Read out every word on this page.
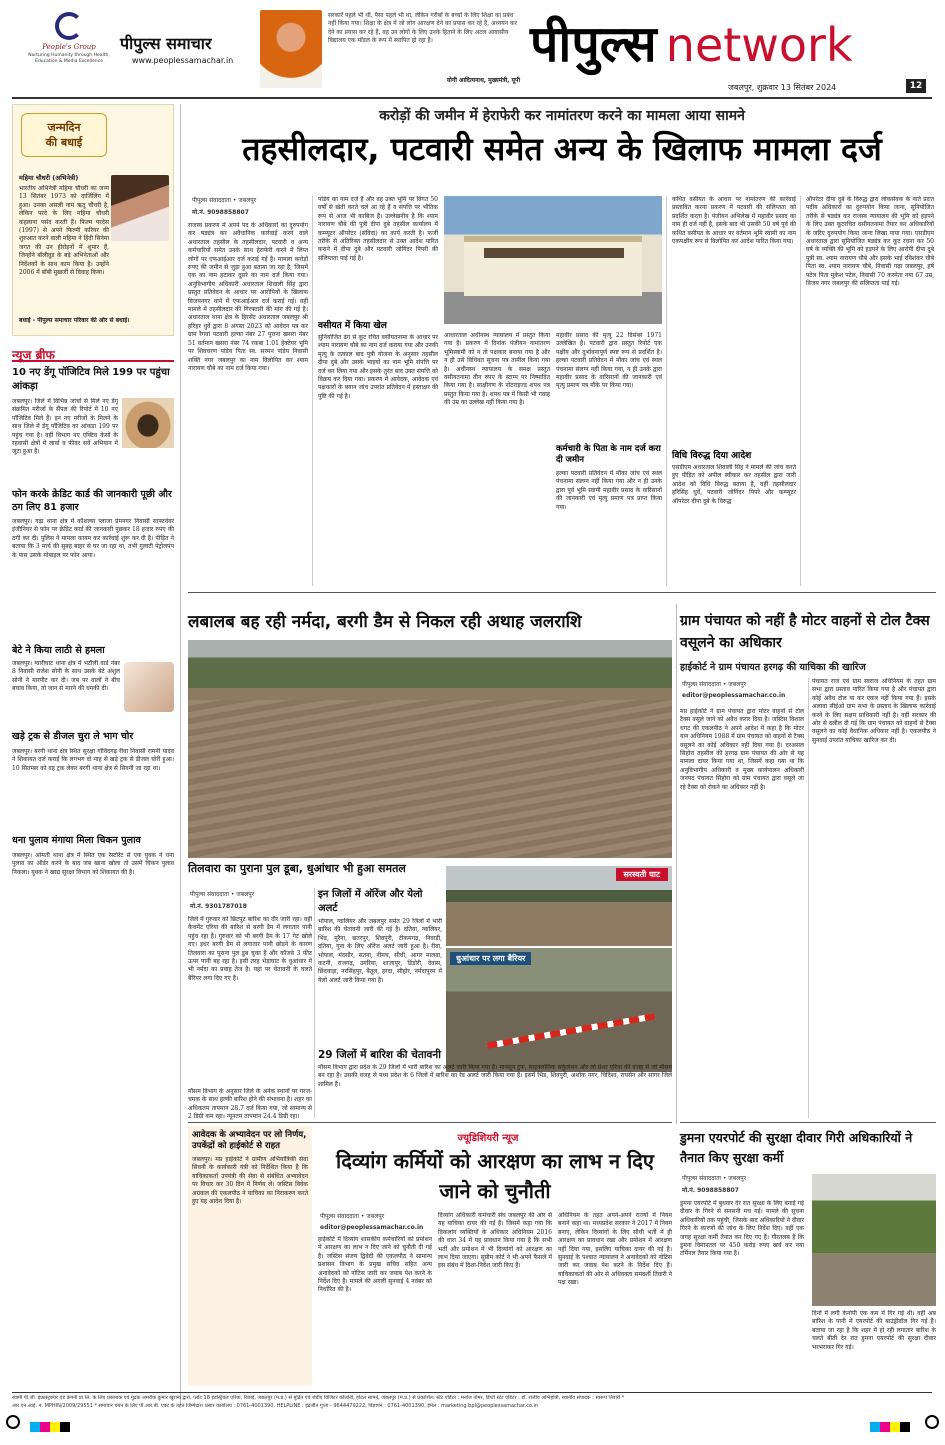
People's Group
Nurturing Humanity through Health, Education & Media Excellence
पीपुल्स समाचार
www.peoplessamachar.in
सरकारें पहले भी थीं, पैसा पहले भी था, लेकिन गरीबों के बच्चों के लिए शिक्षा का प्रबंध नहीं किया गया। शिक्षा के क्षेत्र में जो लोग आरक्षण देने का प्रयास कर रहे हैं, अध्ययन कर देने का प्रयास कर रहे हैं, वह उन लोगों के लिए उनके हिताने के लिए अटल आवासीय विद्यालय एक मॉडल के रूप में स्थापित हो रहा है।
योगी आदित्यनाथ, मुख्यमंत्री, यूपी
पीपुल्स network
जबलपुर, शुक्रवार 13 सितंबर 2024	12
जन्मदिन
की बधाई
महिमा चौधरी (अभिनेत्री)
भारतीय अभिनेत्री महिमा चौधरी का जन्म 13 सितंबर 1973 को दार्जिलिंग में हुआ। उनका असली नाम ऋतु चौधरी है, लेकिन परदे के लिए महिमा चौधरी कहलाना पसंद करती हैं। फिल्म परदेस (1997) से अपने फिल्मी करियर की शुरुआत करने वाली महिमा ने हिंदी सिनेमा जगत की उन हीरोइनों में शुमार हैं, जिन्होंने बॉलीवुड के बड़े अभिनेताओं और निर्देशकों के साथ काम किया है। उन्होंने 2006 में बॉबी मुखर्जी से विवाह किया।
बधाई - पीपुल्स समाचार परिवार की ओर से बधाई।
न्यूज ब्रीफ
10 नए डेंगू पॉजिटिव मिले 199 पर पहुंचा आंकड़ा
जबलपुर। जिले में विभिन्न जांचों से मिले नए डेंगू संक्रमित मरीजों के सैंपल की रिपोर्ट में 10 नए पॉजिटिव मिले हैं। इन नए मरीजों के मिलने के साथ जिले में डेंगू पॉजिटिव का आंकड़ा 199 पर पहुंच गया है। वहीं विभाग नए एक्टिव केसों के रहवासी क्षेत्रों में लार्वा व फीवर सर्वे अभियान में जुटा हुआ है।
फोन करके क्रेडिट कार्ड की जानकारी पूछी और ठग लिए 81 हजार
जबलपुर। गढ़ा थाना क्षेत्र में कौशल्या प्लाजा प्रेमनगर निवासी साफ्टवेयर इंजीनियर से फोन पर क्रेडिट कार्ड की जानकारी पूछकर 18 हजार रुपए की ठगी कर दी। पुलिस ने मामला कायम कर कार्रवाई शुरू कर दी है। पीड़ित ने बताया कि 3 मार्च की सुबह बाहर से घर जा रहा था, तभी गुलाटी पेट्रोलपंप के पास उसके मोबाइल पर फोन आया।
बेटे ने किया लाठी से हमला
जबलपुर। ग्वारीघाट थाना क्षेत्र में भटौली वार्ड नंबर 8 निवासी राजेश सोनी के साथ उसके बेटे अंशुल सोनी ने मारपीट कर दी। जब पर वालों ने बीच बचाव किया, तो जान से मारने की धमकी दी।
खड़े ट्रक से डीजल चुरा ले भाग चोर
जबलपुर। बरगी थाना क्षेत्र स्थित सुरक्षा गोविंदगढ़ रीवा निवासी रामनी यादव ने शिकायत दर्ज कराई कि लगभग दो माह से खड़े ट्रक से डीजल चोरी हुआ। 10 सितम्बर को वह ट्रक लेकर बरगी थाना क्षेत्र से सिवनी जा रहा था।
धना पुलाव मंगाया मिला चिकन पुलाव
जबलपुर। ओमती थाना क्षेत्र में स्थित एक रेस्टोरेंट से एक युवक ने धना पुलाव का ऑर्डर करने के बाद जब खाना खोला तो उसमें चिकन पुलाव निकला। युवक ने खाद्य सुरक्षा विभाग को शिकायत की है।
करोड़ों की जमीन में हेराफेरी कर नामांतरण करने का मामला आया सामने
तहसीलदार, पटवारी समेत अन्य के खिलाफ मामला दर्ज
पीपुल्स संवाददाता • जबलपुर
मो.नं. 9098858807
राजस्व प्रकरण में अपने पद के अधिकारों का दुरुपयोग कर षड्यंत्र कर अवैधानिक कार्रवाई करने वाले अधारताल तहसील के तहसीलदार, पटवारी व अन्य कर्मचारियों समेत उनके साथ हेराफेरी करने में लिप्त लोगों पर एफआईआर दर्ज कराई गई है। मामला करोड़ों रुपए की जमीन से जुड़ा हुआ बताया जा रहा है, जिसमें एक का नाम हटाकर दूसरे का नाम दर्ज किया गया। अनुविभागीय अधिकारी अधारताल शिवाली सिंह द्वारा प्रस्तुत प्रतिवेदन के आधार पर आरोपियों के खिलाफ विजयनगर थाने में एफआईआर दर्ज कराई गई। वहीं मामले में तहसीलदार की गिरफ्तारी की मांग की गई है। अधारताल थाना क्षेत्र के हिरसेंट अधारताल जबलपुर श्री हरिहर धुर्वे द्वारा 8 अगस्त 2023 को आवेदन पत्र कर ग्राम रैगवां पटवारी हल्का नंबर 27 पुराना खसरा नंबर 51 वर्तमान खसरा नंबर 74 रकबा 1.01 हेक्टेयर भूमि पर शिवचरण पांडेय पिता स्व. सरमन पांडेय निवासी शक्ति नगर जबलपुर का नाम विलोपित कर श्याम नारायण चौबे का नाम दर्ज किया गया।
पांडेय का नाम दर्ज है और वह उक्त भूमि पर विगत 50 वर्षों से खेती करते चले आ रहे हैं व संपत्ति पर भौतिक रूप से आज भी काबिज हैं। उल्लेखनीय है कि श्याम नारायण चौबे की पुत्री दीपा दुबे तहसील कार्यालय में कम्प्यूटर ऑपरेटर (संविदा) का कार्य करती है। फर्जी तरीके से अतिरिक्त तहसीलदार से उक्त आदेश पारित कराने में दीपा दुबे और पटवारी जोगिंदर पिपरी की संलिप्तता पाई गई है।
वसीयत में किया खेल
सुनियोजित ढंग से कूट रचित वसीयतनामा के आधार पर श्याम नारायण चौबे का नाम दर्ज कराया गया और उनकी मृत्यु के तत्काल बाद पुत्री योजना के अनुसार तहसील दीपा दुबे और उसके भाइयों का नाम भूमि संपत्ति पर दर्ज कर लिया गया और इसके तुरंत बाद उक्त संपत्ति को विक्रय कर दिया गया। प्रकरण में आवेदक, आवेदक एवं पक्षकारों के बयान जांच उपरांत प्रतिवेदन में हस्ताक्षर की पुष्टि की गई है।
आधारताल अधीनस्थ न्यायालय में प्रस्तुत किया गया है। प्रकरण में दिनांक पंजीयन नामांतरण भूमिस्वामी को न तो पक्षकार बनाया गया है और न ही उसे विधिवत सूचना पत्र तामील किया गया है। अधीनस्थ न्यायालय के समक्ष प्रस्तुत वसीयतनामा तीन रुपए के स्टाम्प पर निष्पादित किया गया है। साक्षीगण के नोटराइज्ड शपथ पत्र प्रस्तुत किया गया है। शपथ पत्र में किसी भी गवाह की उम्र का उल्लेख नहीं किया गया है।
महावीर प्रसाद की मृत्यु 22 दिसंबर 1971 उल्लेखित है। पटवारी द्वारा प्रस्तुत रिपोर्ट एक पक्षीय और दुर्भावनापूर्ण स्पष्ट रूप से प्रदर्शित है। हल्का पटवारी प्रतिवेदन में मौका जांच एवं स्थल पंचनामा संलग्न नहीं किया गया, न ही उनके द्वारा महावीर प्रसाद के वारिसानों की जानकारी एवं मृत्यु प्रमाण पत्र मौके पर किया गया।
कर्मचारी के पिता के नाम दर्ज करा दी जमीन
हल्का पटवारी प्रतिवेदन में मौका जांच एवं स्थल पंचनामा संलग्न नहीं किया गया और न ही उनके द्वारा पूर्व भूमि स्वामी महावीर प्रसाद के वारिसानों की जानकारी एवं मृत्यु प्रमाण पत्र प्राप्त किया गया।
कथित वसीयत के आधार पर नामांतरण की कार्रवाई प्रस्तावित करना प्रकरण में पटवारी की संलिप्तता को प्रदर्शित करता है। पंजीयन अभिलेख में महावीर प्रसाद का नाम ही दर्ज नहीं है, इसके बाद भी उसकी 50 वर्ष पूर्व की कथित वसीयत के आधार पर वर्तमान भूमि स्वामी का नाम एकपक्षीय रूप से विलोपित कर आदेश पारित किया गया।
विधि विरुद्ध दिया आदेश
एसडीएम अधारताल शिवाली सिंह ने मामले की जांच करते हुए पीड़ित को अपील स्वीकार कर तहसील द्वारा जारी आदेश को विधि विरुद्ध बताया है, वहीं तहसीलदार हरिसिंह धुर्वे, पटवारी जोगिंदर पिपरे और कम्प्यूटर ऑपरेटर दीपा दुबे के विरुद्ध
ऑपरेटर दीपा दुबे के विरुद्ध द्वारा लोकसेवक के नाते प्रदत्त पदीय अधिकारों का दुरुपयोग किया जाना, सुनियोजित तरीके से षड्यंत्र कर राजस्व न्यायालय की भूमि को हड़पने के लिए उक्त कूटरचित वसीयतनामा तैयार कर अधिकारियों के जरिए दुरुपयोग किया जाना लिखा पाया गया। एसडीएम अधारताल द्वारा सुनियोजित षड्यंत्र कर कूट रचना कर 50 वर्ष के व्यक्ति की भूमि को हड़पने के लिए आरोपी दीपा दुबे पुत्री स्व. श्याम नारायण चौबे और इसके भाई रविशंकर चौबे पिता स्व. श्याम नारायण चौबे, निवासी गढ़ा जबलपुर, हर्ष पटेल पिता मुकेश पटेल, निवासी 70 करमेता नया 67 उम्र, विजय नगर जबलपुर की सलिप्तता पाई गई।
लबालब बह रही नर्मदा, बरगी डैम से निकल रही अथाह जलराशि
तिलवारा का पुराना पुल डूबा, धुआंधार भी हुआ समतल
पीपुल्स संवाददाता • जबलपुर
मो.नं. 9301787018
जिले में गुरुवार को छिटपुट बारिश का दौर जारी रहा। वहीं कैचमेंट एरिया की बारिश से बरगी डैम में लगातार पानी पहुंच रहा है। गुरुवार को भी बरगी डैम के 17 गेट खोले गए। इधर बरगी डैम से लगातार पानी छोड़ने के कारण तिलवारा का पुराना पुल डूब चुका है और कॉजवे 3 फीट ऊपर पानी बह रहा है। इसी तरह भेड़ाघाट के धुआंधार में भी नर्मदा का प्रवाह तेज है। यहां पर चेतावनी के चलते बैरियर लगा दिए गए हैं।
मौसम विभाग के अनुसार जिले के अनेक स्थानों पर गरज-चमक के साथ हल्की बारिश होने की संभावना है। शहर का अधिकतम तापमान 28.7 दर्ज किया गया, जो सामान्य से 2 डिग्री कम रहा। न्यूनतम तापमान 24.4 डिग्री रहा।
इन जिलों में ऑरेंज और येलो अलर्ट
भोपाल, ग्वालियर और जबलपुर समेत 29 जिलों में भारी बारिश की चेतावनी जारी की गई है। दतिया, ग्वालियर, भिंड, मुरैना, छतरपुर, शिवपुरी, टीकमगढ़, निवाड़ी, दतिया, गुना के लिए ऑरेंज अलर्ट जारी हुआ है। रीवा, भोपाल, मंदसौर, सतना, नीमच, सीधी, आगर मालवा, कटनी, राजगढ़, उमरिया, शाजापुर, डिंडोरी, देवास, छिंदवाड़ा, नरसिंहपुर, बैतूल, हरदा, सीहोर, नर्मदापुरम में येलो अलर्ट जारी किया गया है।
सरस्वती घाट
धुआंधार पर लगा बैरियर
29 जिलों में बारिश की चेतावनी
मौसम विभाग द्वारा प्रदेश के 29 जिलों में भारी बारिश का अलर्ट जारी किया गया है। मानसून ट्रफ, साइक्लोनिक सर्कुलेशन और लो प्रेशर एरिया की वजह से जो मौसम बन रहा है। उसकी वजह से मध्य प्रदेश के 6 जिलों में बारिश का रेड अलर्ट जारी किया गया है। इसमें भिंड, शिवपुरी, अशोक नगर, विदिशा, रायसेन और सागर जिले शामिल हैं।
ग्राम पंचायत को नहीं है मोटर वाहनों से टोल टैक्स वसूलने का अधिकार
हाईकोर्ट ने ग्राम पंचायत हरगढ़ की याचिका की खारिज
पीपुल्स संवाददाता • जबलपुर
editor@peoplessamachar.co.in
मप्र हाईकोर्ट ने ग्राम पंचायत द्वारा मोटर वाहनों से टोल टैक्स वसूले जाने को अवैध करार दिया है। जस्टिस विशाल धगट की एकलपीठ ने अपने आदेश में कहा है कि मोटर यान अधिनियम 1988 में ग्राम पंचायत को वाहनों से टैक्स वसूलने का कोई अधिकार नहीं दिया गया है। दरअसल सिहोरा तहसील की हरगढ़ ग्राम पंचायत की ओर से यह मामला दायर किया गया था, जिसमें कहा गया था कि अनुविभागीय अधिकारी व मुख्य कार्यपालन अधिकारी जनपद पंचायत सिहोरा को ग्राम पंचायत द्वारा वसूले जा रहे टैक्स को रोकने का अधिकार नहीं है।
पंचायत राज एवं ग्राम स्वराज अधिनियम के तहत ग्राम सभा द्वारा प्रस्ताव पारित किया गया है और पंचायत द्वारा कोई अवैध टोल या कर एकत्र नहीं किया गया है। इसके अलावा सीईओ ग्राम सभा के प्रस्ताव के खिलाफ कार्रवाई करने के लिए सक्षम प्राधिकारी नहीं है। वहीं सरकार की ओर से दलील दी गई कि ग्राम पंचायत को वाहनों से टैक्स वसूलने का कोई वैधानिक अधिकार नहीं है। एकलपीठ ने सुनवाई उपरांत याचिका खारिज कर दी।
आवेदक के अभ्यावेदन पर लो निर्णय, उपकेंद्रों को हाईकोर्ट से राहत
जबलपुर। मप्र हाईकोर्ट ने ग्रामीण अभियांत्रिकी सेवा सिवनी के कार्यकारी यंत्री को निर्देशित किया है कि याचिकाकर्ता उपयंत्री की सेवा से संबंधित अभ्यावेदन पर विचार कर 30 दिन में निर्णय लें। जस्टिस विवेक अग्रवाल की एकलपीठ ने याचिका का निराकरण करते हुए यह आदेश दिया है।
ज्यूडिशियरी न्यूज
दिव्यांग कर्मियों को आरक्षण का लाभ न दिए जाने को चुनौती
पीपुल्स संवाददाता • जबलपुर
editor@peoplessamachar.co.in
हाईकोर्ट में दिव्यांग शासकीय कर्मचारियों को प्रमोशन में आरक्षण का लाभ न दिए जाने को चुनौती दी गई है। जस्टिस संजय द्विवेदी की एकलपीठ ने सामान्य प्रशासन विभाग के प्रमुख सचिव सहित अन्य अनावेदकों को नोटिस जारी कर जवाब पेश करने के निर्देश दिए हैं। मामले की अगली सुनवाई 4 नवंबर को निर्धारित की है।
दिव्यांग अधिकारी कर्मचारी संघ जबलपुर की ओर से यह याचिका दायर की गई है। जिसमें कहा गया कि विकलांग व्यक्तियों के अधिकार अधिनियम 2016 की धारा 34 में यह प्रावधान किया गया है कि सभी भर्ती और प्रमोशन में भी दिव्यांगों को आरक्षण का लाभ दिया जाएगा। सुप्रीम कोर्ट ने भी अपने फैसले में इस संबंध में दिशा-निर्देश जारी किए हैं।
अधिनियम के तहत अपने-अपने राज्यों में नियम बनाने कहा था। मध्यप्रदेश सरकार ने 2017 में नियम बनाए, लेकिन दिव्यांगों के लिए सीधी भर्ती में ही आरक्षण का प्रावधान रखा और प्रमोशन में आरक्षण नहीं दिया गया, इसलिए याचिका दायर की गई है। सुनवाई के पश्चात न्यायालय ने अनावेदकों को नोटिस जारी कर जवाब पेश करने के निर्देश दिए हैं। याचिकाकर्ता की ओर से अधिवक्ता समदर्शी तिवारी ने पक्ष रखा।
डुमना एयरपोर्ट की सुरक्षा दीवार गिरी अधिकारियों ने तैनात किए सुरक्षा कर्मी
पीपुल्स संवाददाता • जबलपुर
मो.नं. 9098858807
डुमना एयरपोर्ट में बुधवार देर रात सुरक्षा के लिए बनाई गई दीवार के गिरने से सनसनी मच गई। मामले की सूचना अधिकारियों तक पहुंची, जिसके बाद अधिकारियों ने दीवार गिरने के कारणों की जांच के लिए निर्देश दिए। वहीं एक जगह सुरक्षा कर्मी तैनात कर दिए गए हैं। गौरतलब है कि डुमना विमानतल पर 450 करोड़ रुपए खर्च कर नया टर्मिनल तैयार किया गया है।
दिनों में लगी केनोपी एक कम में गिर गई थी। वहीं अब बारिश के पानी में एयरपोर्ट की बाउंड्रीवॉल गिर गई है। बताया जा रहा है कि शहर में हो रही लगातार बारिश के चलते बीती देर रात डुमना एयरपोर्ट की सुरक्षा दीवार भरभराकर गिर गई।
स्वामी पी.जी. इंफ्रास्ट्रक्चर एंड कंपनी प्रा.लि. के लिए प्रकाशक एवं मुद्रक अमरीक कुमार खुराना द्वारा, प्लॉट 18 इंडस्ट्रियल एरिया, रिछाई, जबलपुर (म.प्र.) से मुद्रित एवं जेडीए विजिटर कॉलोनी, होटल सामने, जबलपुर (म.प्र.) से प्रकाशित। स्टेट एडिटर : मनोज तोमर, डिप्टी स्टेट एडिटर : डॉ. राजीव अग्निहोत्री, स्थानीय संपादक : स्वरूप तिवारी *
आर.एन.आई. नं. MPHIN/2009/29551 * समाचार चयन के लिए पी.आर.बी. एक्ट के तहत जिम्मेदार। प्रसार कार्यालय : 0761-4001390, HELPLINE : इंद्रजीत गुप्ता - 9644479222, विज्ञापन : 0761-4001390, ईमेल : marketing.bpl@peoplessamachar.co.in
